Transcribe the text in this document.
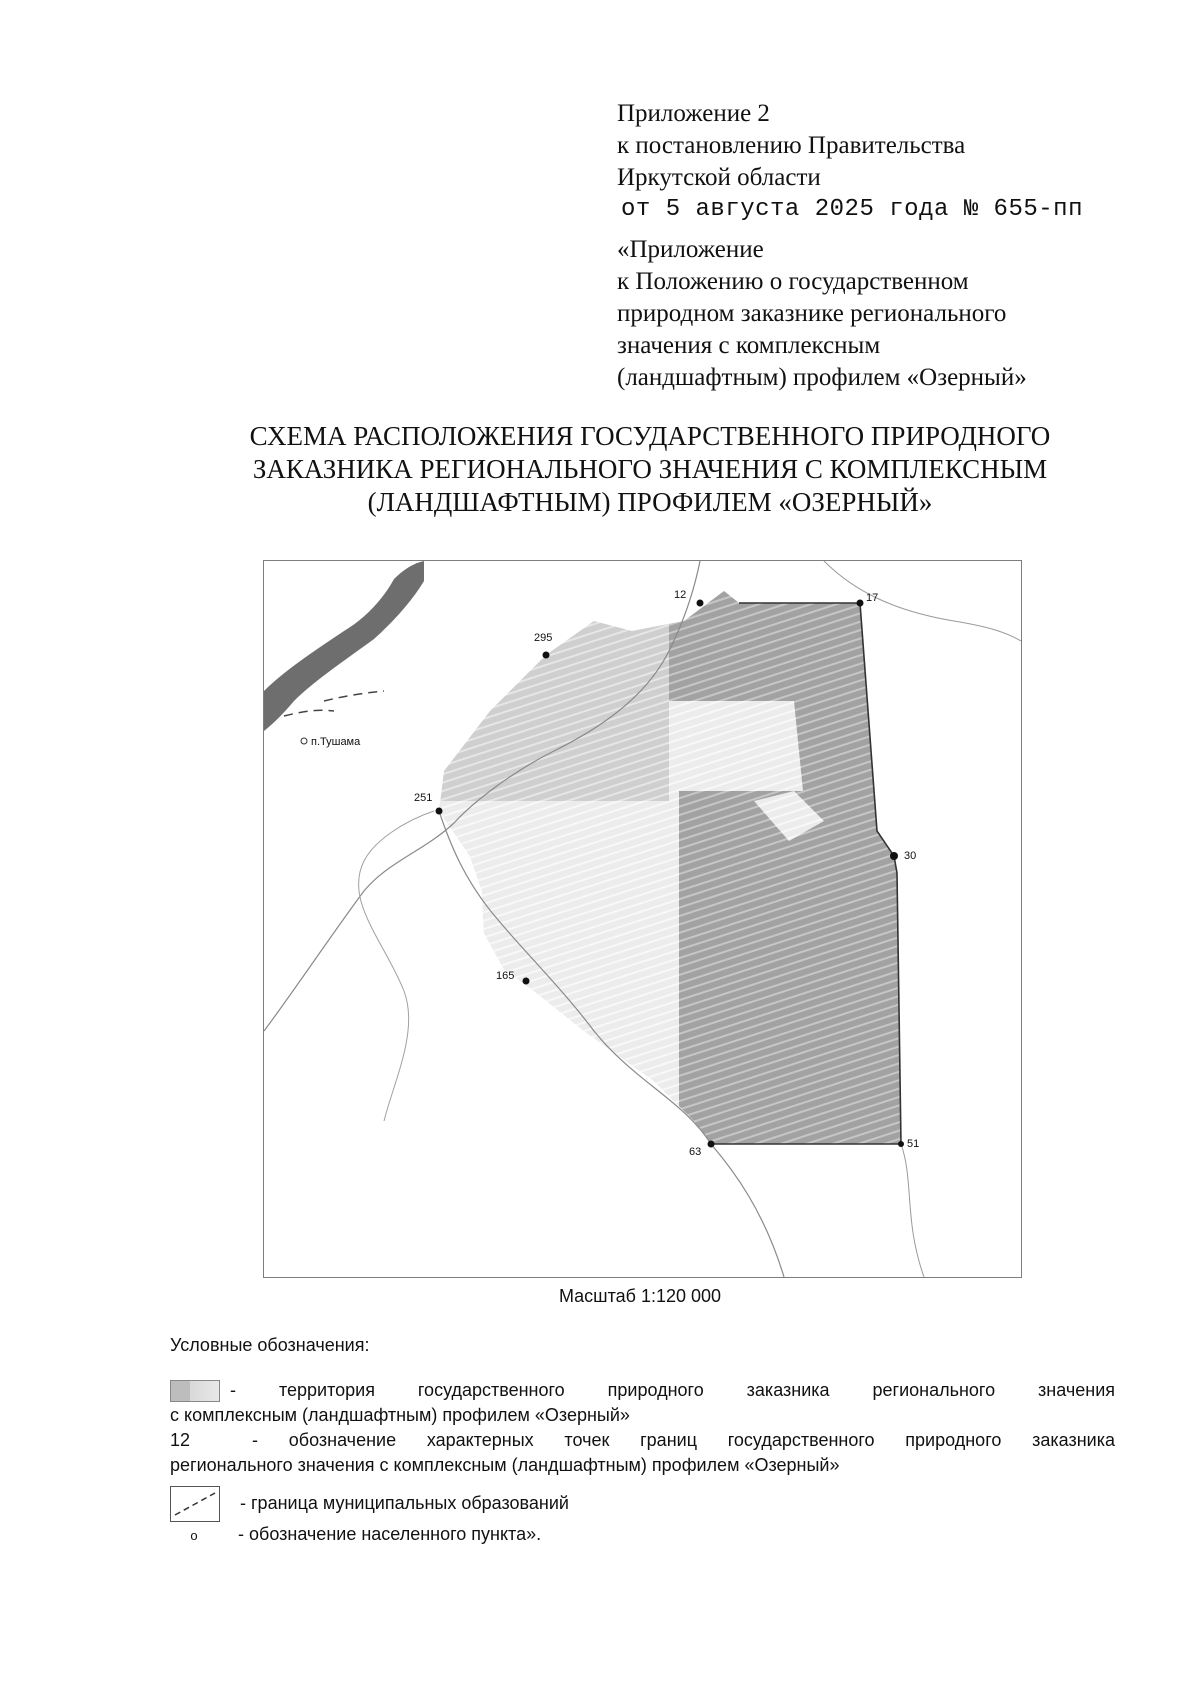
Приложение 2
к постановлению Правительства
Иркутской области
от 5 августа 2025 года № 655-пп
«Приложение
к Положению о государственном
природном заказнике регионального
значения с комплексным
(ландшафтным) профилем «Озерный»
СХЕМА РАСПОЛОЖЕНИЯ ГОСУДАРСТВЕННОГО ПРИРОДНОГО
ЗАКАЗНИКА РЕГИОНАЛЬНОГО ЗНАЧЕНИЯ С КОМПЛЕКСНЫМ
(ЛАНДШАФТНЫМ) ПРОФИЛЕМ «ОЗЕРНЫЙ»
п.Тушама
12	17
295
251
30
165
63
51
Масштаб 1:120 000
Условные обозначения:
- территория государственного природного заказника регионального значения
с комплексным (ландшафтным) профилем «Озерный»
12	- обозначение характерных точек границ государственного природного заказника
регионального значения с комплексным (ландшафтным) профилем «Озерный»
- граница муниципальных образований
o - обозначение населенного пункта».
